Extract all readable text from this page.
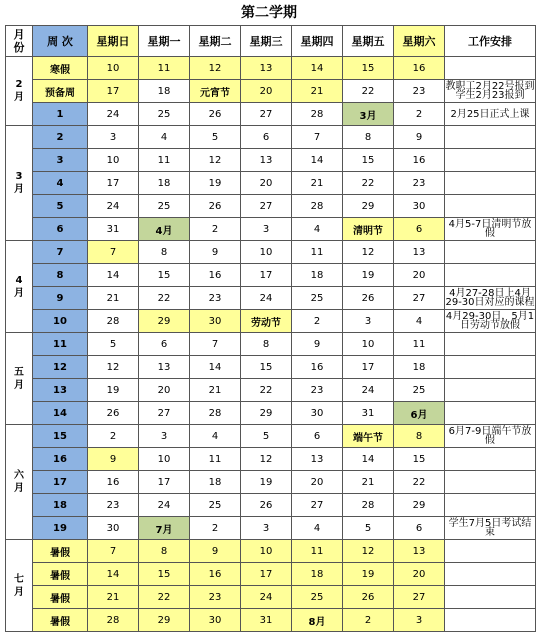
第二学期
月
份	周 次	星期日	星期一	星期二	星期三	星期四	星期五	星期六	工作安排
2
月	寒假	10	11	12	13	14	15	16	
	预备周	17	18	元宵节	20	21	22	23	教职工2月22号报到
学生2月23报到
	1	24	25	26	27	28	3月	2	2月25日正式上课
3
月	2	3	4	5	6	7	8	9	
	3	10	11	12	13	14	15	16	
	4	17	18	19	20	21	22	23	
	5	24	25	26	27	28	29	30	
	6	31	4月	2	3	4	清明节	6	4月5-7日清明节放假
4
月	7	7	8	9	10	11	12	13	
	8	14	15	16	17	18	19	20	
	9	21	22	23	24	25	26	27	4月27-28日上4月29-30日对应的课程
	10	28	29	30	劳动节	2	3	4	4月29-30日，5月1日劳动节放假
五
月	11	5	6	7	8	9	10	11	
	12	12	13	14	15	16	17	18	
	13	19	20	21	22	23	24	25	
	14	26	27	28	29	30	31	6月	
六
月	15	2	3	4	5	6	端午节	8	6月7-9日端午节放假
	16	9	10	11	12	13	14	15	
	17	16	17	18	19	20	21	22	
	18	23	24	25	26	27	28	29	
	19	30	7月	2	3	4	5	6	学生7月5日考试结束
七
月	暑假	7	8	9	10	11	12	13	
	暑假	14	15	16	17	18	19	20	
	暑假	21	22	23	24	25	26	27	
	暑假	28	29	30	31	8月	2	3	
